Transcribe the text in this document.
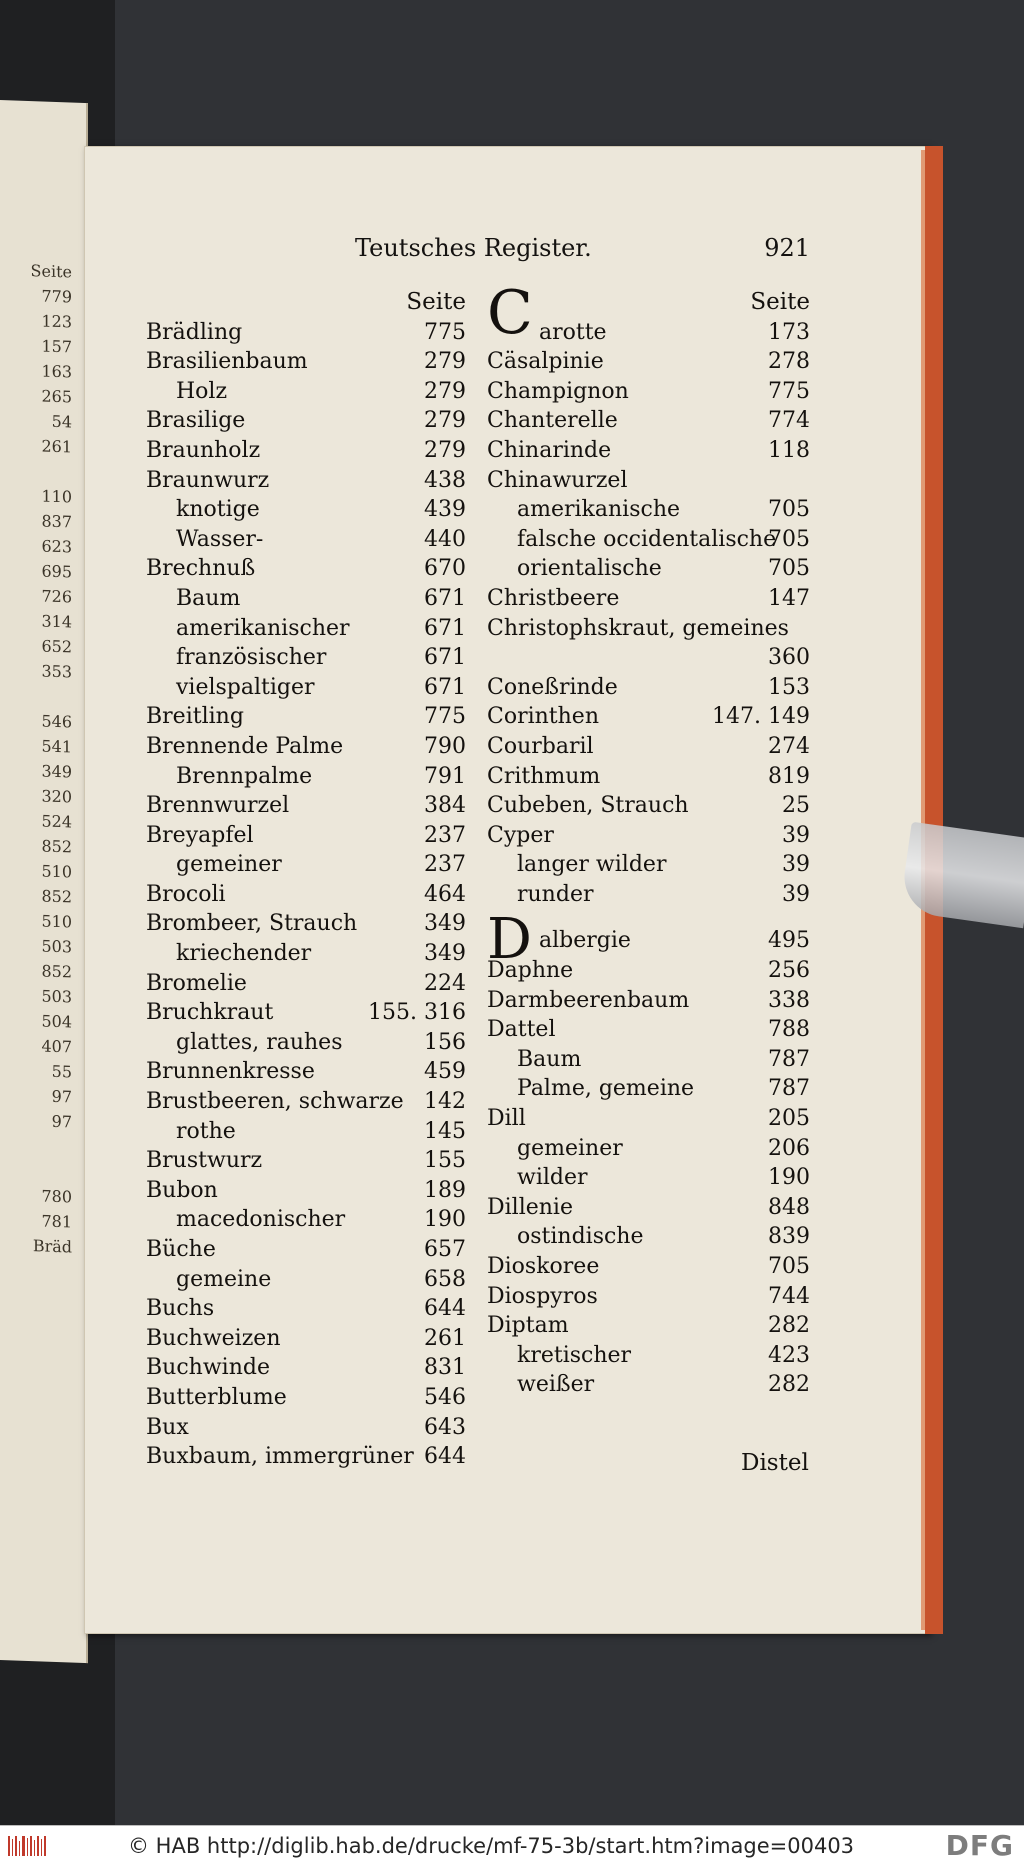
Seite
779
123
157
163
265
54
261
110
837
623
695
726
314
652
353
546
541
349
320
524
852
510
852
510
503
852
503
504
407
55
97
97
780
781
Bräd
Teutsches Register.	921
Seite
Brädling	775
Brasilienbaum	279
Holz	279
Brasilige	279
Braunholz	279
Braunwurz	438
knotige	439
Wasser-	440
Brechnuß	670
Baum	671
amerikanischer	671
französischer	671
vielspaltiger	671
Breitling	775
Brennende Palme	790
Brennpalme	791
Brennwurzel	384
Breyapfel	237
gemeiner	237
Brocoli	464
Brombeer, Strauch	349
kriechender	349
Bromelie	224
Bruchkraut	155. 316
glattes, rauhes	156
Brunnenkresse	459
Brustbeeren, schwarze 142
rothe	145
Brustwurz	155
Bubon	189
macedonischer	190
Büche	657
gemeine	658
Buchs	644
Buchweizen	261
Buchwinde	831
Butterblume	546
Bux	643
Buxbaum, immergrüner 644
Seite
arotte	173
Cäsalpinie	278
Champignon	775
Chanterelle	774
Chinarinde	118
Chinawurzel
amerikanische	705
falsche occidentalische
705
orientalische	705
Christbeere	147
Christophskraut, gemeines
360
Coneßrinde	153
Corinthen	147. 149
Courbaril	274
Crithmum	819
Cubeben, Strauch	25
Cyper	39
langer wilder	39
runder	39
albergie	495
Daphne	256
Darmbeerenbaum	338
Dattel	788
Baum	787
Palme, gemeine	787
Dill	205
gemeiner	206
wilder	190
Dillenie	848
ostindische	839
Dioskoree	705
Diospyros	744
Diptam	282
kretischer	423
weißer	282
C
D
Distel
© HAB http://diglib.hab.de/drucke/mf-75-3b/start.htm?image=00403	DFG
